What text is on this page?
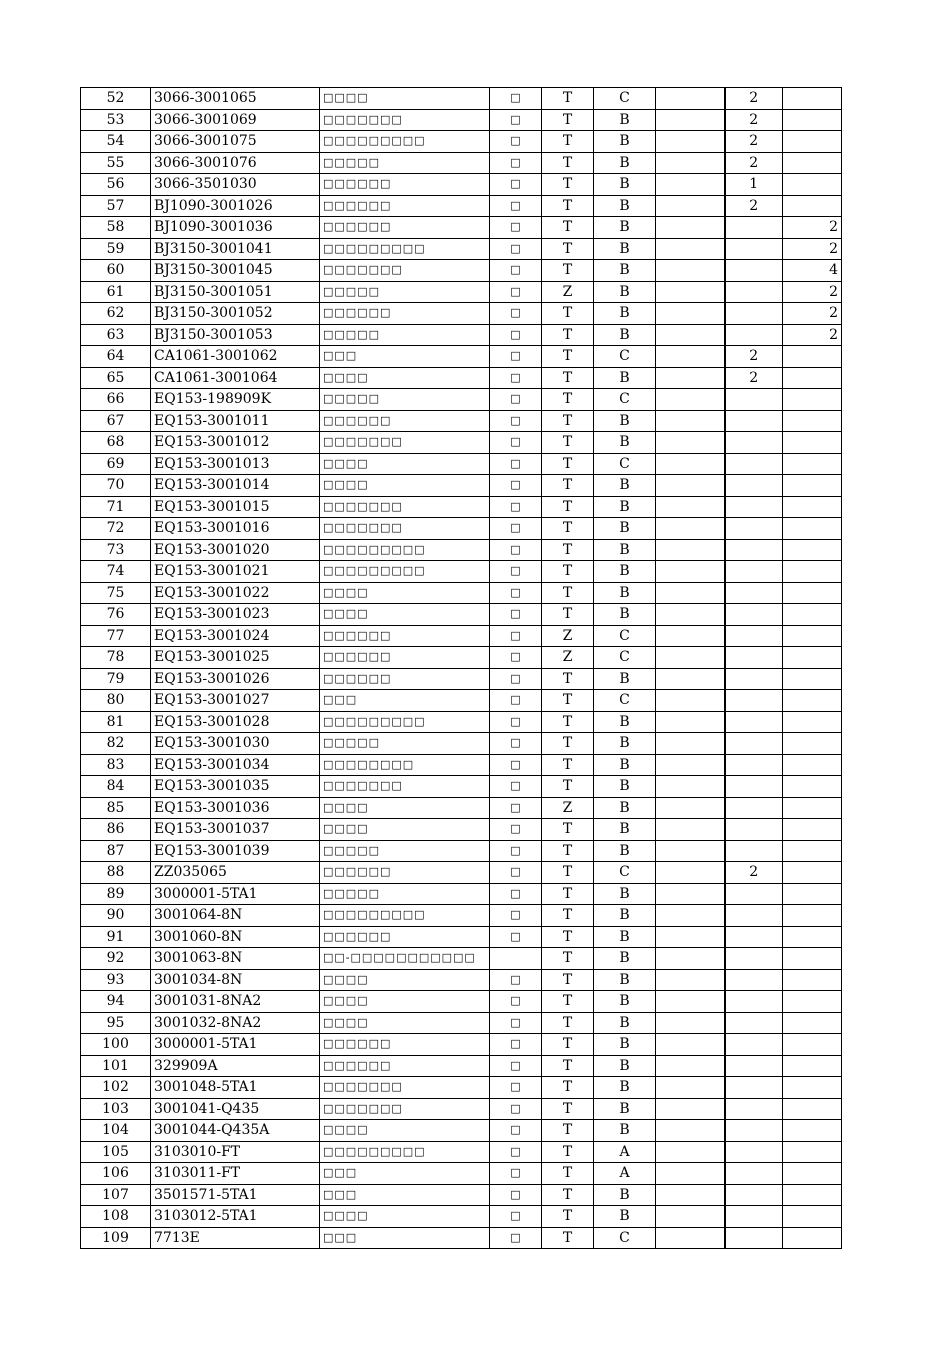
52	3066-3001065	□□□□	□	T	C		2	
53	3066-3001069	□□□□□□□	□	T	B		2	
54	3066-3001075	□□□□□□□□□	□	T	B		2	
55	3066-3001076	□□□□□	□	T	B		2	
56	3066-3501030	□□□□□□	□	T	B		1	
57	BJ1090-3001026	□□□□□□	□	T	B		2	
58	BJ1090-3001036	□□□□□□	□	T	B			2
59	BJ3150-3001041	□□□□□□□□□	□	T	B			2
60	BJ3150-3001045	□□□□□□□	□	T	B			4
61	BJ3150-3001051	□□□□□	□	Z	B			2
62	BJ3150-3001052	□□□□□□	□	T	B			2
63	BJ3150-3001053	□□□□□	□	T	B			2
64	CA1061-3001062	□□□	□	T	C		2	
65	CA1061-3001064	□□□□	□	T	B		2	
66	EQ153-198909K	□□□□□	□	T	C			
67	EQ153-3001011	□□□□□□	□	T	B			
68	EQ153-3001012	□□□□□□□	□	T	B			
69	EQ153-3001013	□□□□	□	T	C			
70	EQ153-3001014	□□□□	□	T	B			
71	EQ153-3001015	□□□□□□□	□	T	B			
72	EQ153-3001016	□□□□□□□	□	T	B			
73	EQ153-3001020	□□□□□□□□□	□	T	B			
74	EQ153-3001021	□□□□□□□□□	□	T	B			
75	EQ153-3001022	□□□□	□	T	B			
76	EQ153-3001023	□□□□	□	T	B			
77	EQ153-3001024	□□□□□□	□	Z	C			
78	EQ153-3001025	□□□□□□	□	Z	C			
79	EQ153-3001026	□□□□□□	□	T	B			
80	EQ153-3001027	□□□	□	T	C			
81	EQ153-3001028	□□□□□□□□□	□	T	B			
82	EQ153-3001030	□□□□□	□	T	B			
83	EQ153-3001034	□□□□□□□□	□	T	B			
84	EQ153-3001035	□□□□□□□	□	T	B			
85	EQ153-3001036	□□□□	□	Z	B			
86	EQ153-3001037	□□□□	□	T	B			
87	EQ153-3001039	□□□□□	□	T	B			
88	ZZ035065	□□□□□□	□	T	C		2	
89	3000001-5TA1	□□□□□	□	T	B			
90	3001064-8N	□□□□□□□□□	□	T	B			
91	3001060-8N	□□□□□□	□	T	B			
92	3001063-8N	□□-□□□□□□□□□□□		T	B			
93	3001034-8N	□□□□	□	T	B			
94	3001031-8NA2	□□□□	□	T	B			
95	3001032-8NA2	□□□□	□	T	B			
100	3000001-5TA1	□□□□□□	□	T	B			
101	329909A	□□□□□□	□	T	B			
102	3001048-5TA1	□□□□□□□	□	T	B			
103	3001041-Q435	□□□□□□□	□	T	B			
104	3001044-Q435A	□□□□	□	T	B			
105	3103010-FT	□□□□□□□□□	□	T	A			
106	3103011-FT	□□□	□	T	A			
107	3501571-5TA1	□□□	□	T	B			
108	3103012-5TA1	□□□□	□	T	B			
109	7713E	□□□	□	T	C			
